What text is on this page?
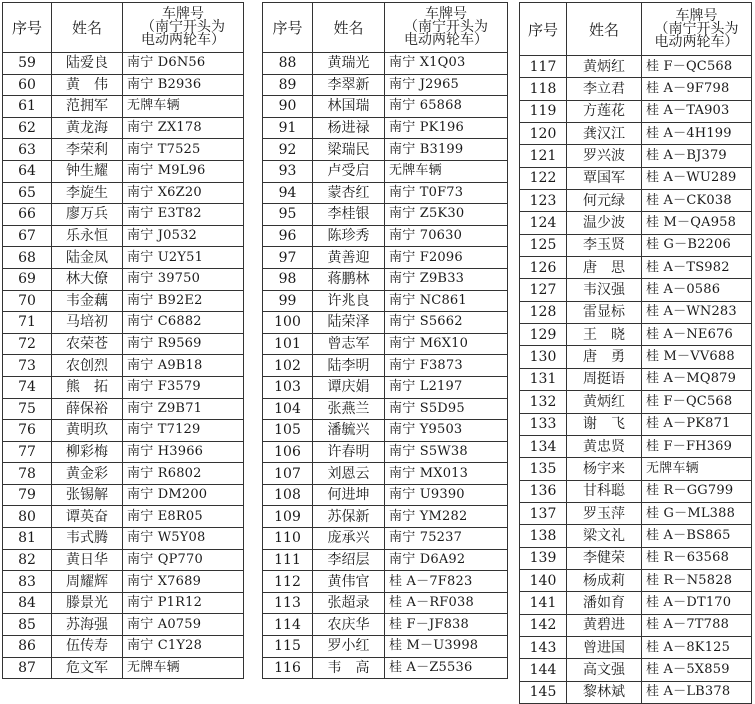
序号	姓名	车牌号
（南宁开头为
电动两轮车）
59	陆爱良	南宁 D6N56
60	黄　伟	南宁 B2936
61	范拥军	无牌车辆
62	黄龙海	南宁 ZX178
63	李荣利	南宁 T7525
64	钟生耀	南宁 M9L96
65	李旋生	南宁 X6Z20
66	廖万兵	南宁 E3T82
67	乐永恒	南宁 J0532
68	陆金凤	南宁 U2Y51
69	林大僚	南宁 39750
70	韦金藕	南宁 B92E2
71	马培初	南宁 C6882
72	农荣苍	南宁 R9569
73	农创烈	南宁 A9B18
74	熊　拓	南宁 F3579
75	薛保裕	南宁 Z9B71
76	黄明玖	南宁 T7129
77	柳彩梅	南宁 H3966
78	黄金彩	南宁 R6802
79	张锡解	南宁 DM200
80	谭英奋	南宁 E8R05
81	韦式腾	南宁 W5Y08
82	黄日华	南宁 QP770
83	周耀辉	南宁 X7689
84	滕景光	南宁 P1R12
85	苏海强	南宁 A0759
86	伍传寿	南宁 C1Y28
87	危文军	无牌车辆
序号	姓名	车牌号
（南宁开头为
电动两轮车）
88	黄瑞光	南宁 X1Q03
89	李翠新	南宁 J2965
90	林国瑞	南宁 65868
91	杨进禄	南宁 PK196
92	梁瑞民	南宁 B3199
93	卢受启	无牌车辆
94	蒙杏红	南宁 T0F73
95	李桂银	南宁 Z5K30
96	陈珍秀	南宁 70630
97	黄善迎	南宁 F2096
98	蒋鹏林	南宁 Z9B33
99	许兆良	南宁 NC861
100	陆荣泽	南宁 S5662
101	曾志军	南宁 M6X10
102	陆李明	南宁 F3873
103	谭庆娟	南宁 L2197
104	张燕兰	南宁 S5D95
105	潘毓兴	南宁 Y9503
106	许春明	南宁 S5W38
107	刘恩云	南宁 MX013
108	何进坤	南宁 U9390
109	苏保新	南宁 YM282
110	庞承兴	南宁 75237
111	李绍层	南宁 D6A92
112	黄伟官	桂 A－7F823
113	张超录	桂 A－RF038
114	农庆华	桂 F－JF838
115	罗小红	桂 M－U3998
116	韦　高	桂 A－Z5536
序号	姓名	车牌号
（南宁开头为
电动两轮车）
117	黄炳红	桂 F－QC568
118	李立君	桂 A－9F798
119	方莲花	桂 A－TA903
120	龚汉江	桂 A－4H199
121	罗兴波	桂 A－BJ379
122	覃国军	桂 A－WU289
123	何元绿	桂 A－CK038
124	温少波	桂 M－QA958
125	李玉贤	桂 G－B2206
126	唐　思	桂 A－TS982
127	韦汉强	桂 A－0586
128	雷显标	桂 A－WN283
129	王　晓	桂 A－NE676
130	唐　勇	桂 M－VV688
131	周挺语	桂 A－MQ879
132	黄炳红	桂 F－QC568
133	谢　飞	桂 A－PK871
134	黄忠贤	桂 F－FH369
135	杨宇来	无牌车辆
136	甘科聪	桂 R－GG799
137	罗玉萍	桂 G－ML388
138	梁文礼	桂 A－BS865
139	李健荣	桂 R－63568
140	杨成莉	桂 R－N5828
141	潘如育	桂 A－DT170
142	黄碧进	桂 A－7T788
143	曾进国	桂 A－8K125
144	高文强	桂 A－5X859
145	黎林斌	桂 A－LB378
